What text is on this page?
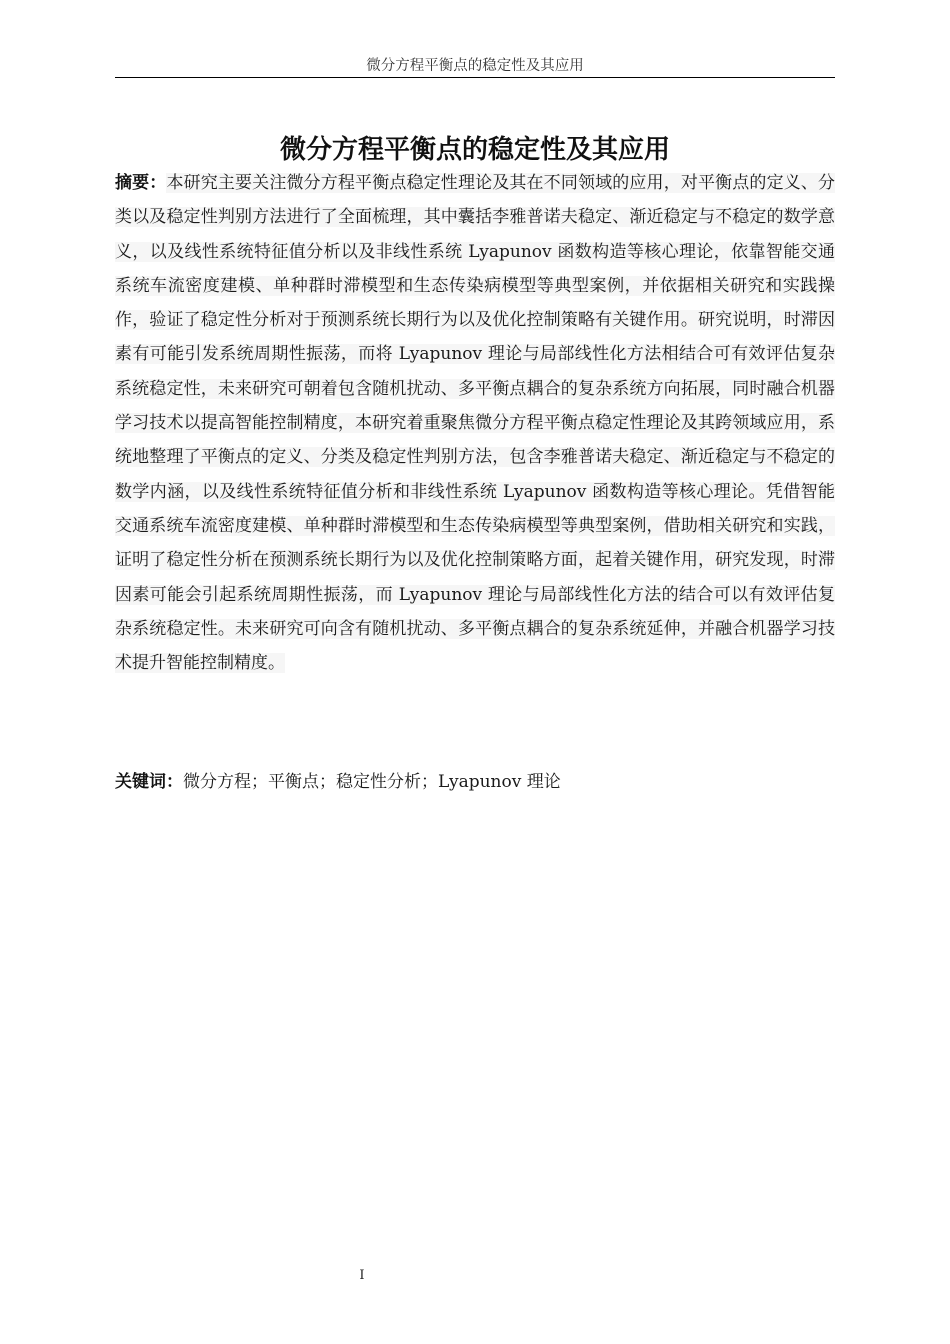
微分方程平衡点的稳定性及其应用
微分方程平衡点的稳定性及其应用

摘要：本研究主要关注微分方程平衡点稳定性理论及其在不同领域的应用，对平衡点的定义、分类以及稳定性判别方法进行了全面梳理，其中囊括李雅普诺夫稳定、渐近稳定与不稳定的数学意义，以及线性系统特征值分析以及非线性系统 Lyapunov 函数构造等核心理论，依靠智能交通系统车流密度建模、单种群时滞模型和生态传染病模型等典型案例，并依据相关研究和实践操作，验证了稳定性分析对于预测系统长期行为以及优化控制策略有关键作用。研究说明，时滞因素有可能引发系统周期性振荡，而将 Lyapunov 理论与局部线性化方法相结合可有效评估复杂系统稳定性，未来研究可朝着包含随机扰动、多平衡点耦合的复杂系统方向拓展，同时融合机器学习技术以提高智能控制精度，本研究着重聚焦微分方程平衡点稳定性理论及其跨领域应用，系统地整理了平衡点的定义、分类及稳定性判别方法，包含李雅普诺夫稳定、渐近稳定与不稳定的数学内涵，以及线性系统特征值分析和非线性系统 Lyapunov 函数构造等核心理论。凭借智能交通系统车流密度建模、单种群时滞模型和生态传染病模型等典型案例，借助相关研究和实践，证明了稳定性分析在预测系统长期行为以及优化控制策略方面，起着关键作用，研究发现，时滞因素可能会引起系统周期性振荡，而 Lyapunov 理论与局部线性化方法的结合可以有效评估复杂系统稳定性。未来研究可向含有随机扰动、多平衡点耦合的复杂系统延伸，并融合机器学习技术提升智能控制精度。

关键词：微分方程；平衡点；稳定性分析；Lyapunov 理论

I
